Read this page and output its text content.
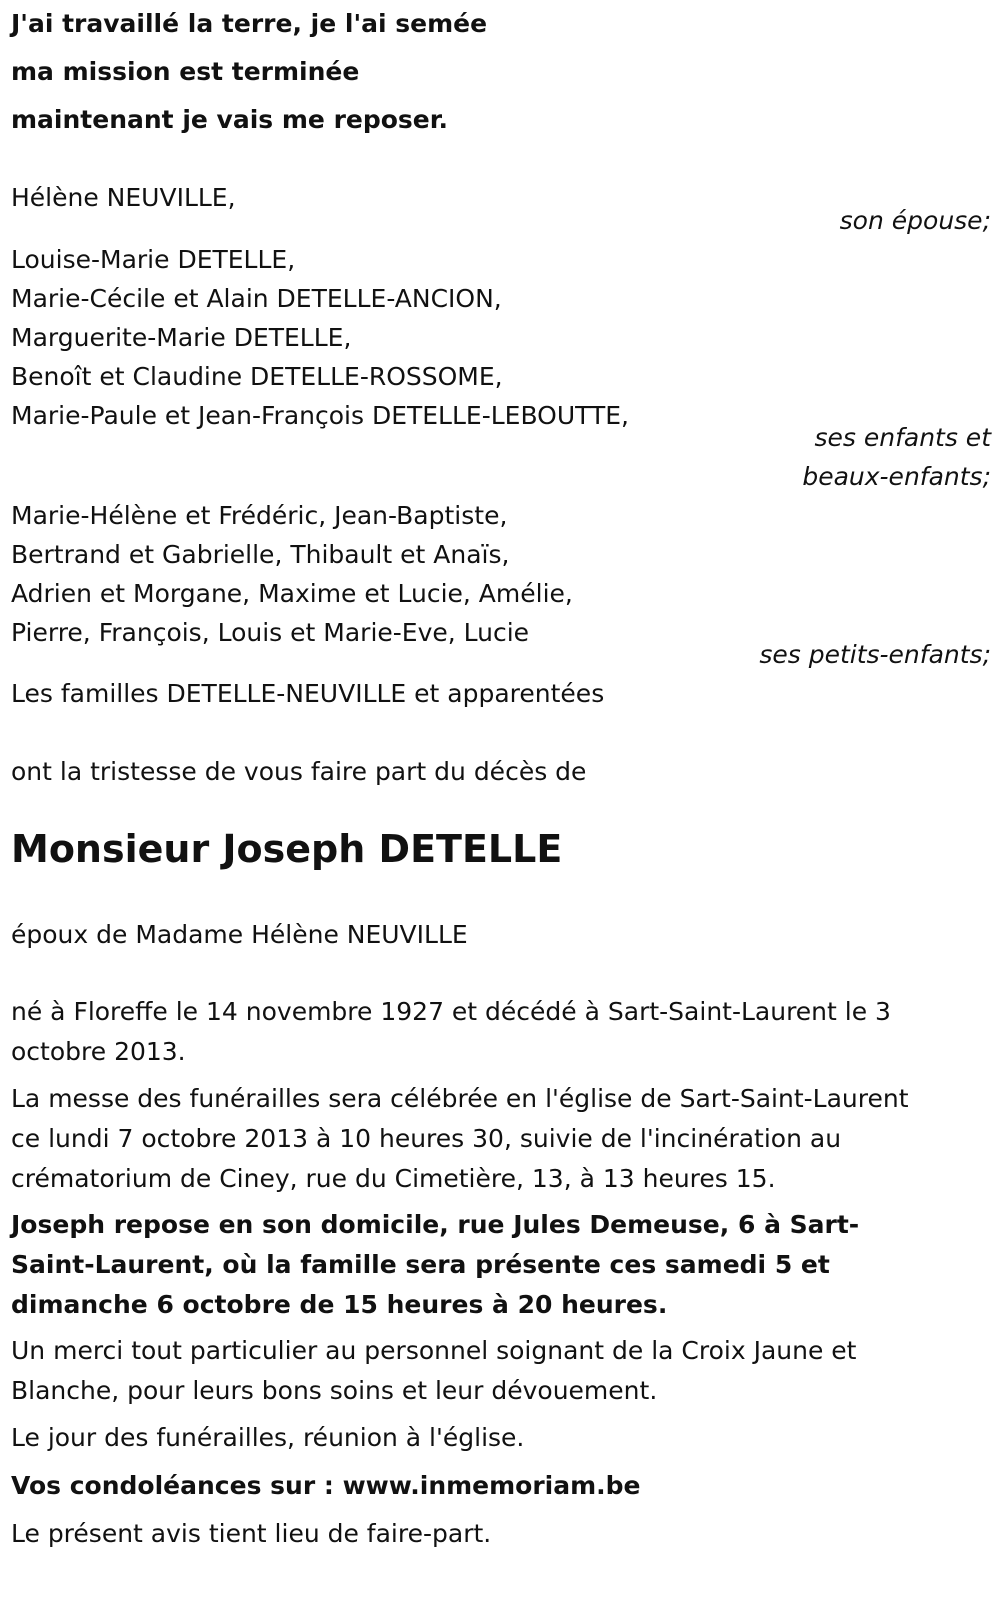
J'ai travaillé la terre, je l'ai semée
ma mission est terminée
maintenant je vais me reposer.
Hélène NEUVILLE,
son épouse;
Louise-Marie DETELLE,
Marie-Cécile et Alain DETELLE-ANCION,
Marguerite-Marie DETELLE,
Benoît et Claudine DETELLE-ROSSOME,
Marie-Paule et Jean-François DETELLE-LEBOUTTE,
ses enfants et
beaux-enfants;
Marie-Hélène et Frédéric, Jean-Baptiste,
Bertrand et Gabrielle, Thibault et Anaïs,
Adrien et Morgane, Maxime et Lucie, Amélie,
Pierre, François, Louis et Marie-Eve, Lucie
ses petits-enfants;
Les familles DETELLE-NEUVILLE et apparentées
ont la tristesse de vous faire part du décès de
Monsieur Joseph DETELLE
époux de Madame Hélène NEUVILLE
né à Floreffe le 14 novembre 1927 et décédé à Sart-Saint-Laurent le 3 octobre 2013.
La messe des funérailles sera célébrée en l'église de Sart-Saint-Laurent ce lundi 7 octobre 2013 à 10 heures 30, suivie de l'incinération au crématorium de Ciney, rue du Cimetière, 13, à 13 heures 15.
Joseph repose en son domicile, rue Jules Demeuse, 6 à Sart-Saint-Laurent, où la famille sera présente ces samedi 5 et dimanche 6 octobre de 15 heures à 20 heures.
Un merci tout particulier au personnel soignant de la Croix Jaune et Blanche, pour leurs bons soins et leur dévouement.
Le jour des funérailles, réunion à l'église.
Vos condoléances sur : www.inmemoriam.be
Le présent avis tient lieu de faire-part.
